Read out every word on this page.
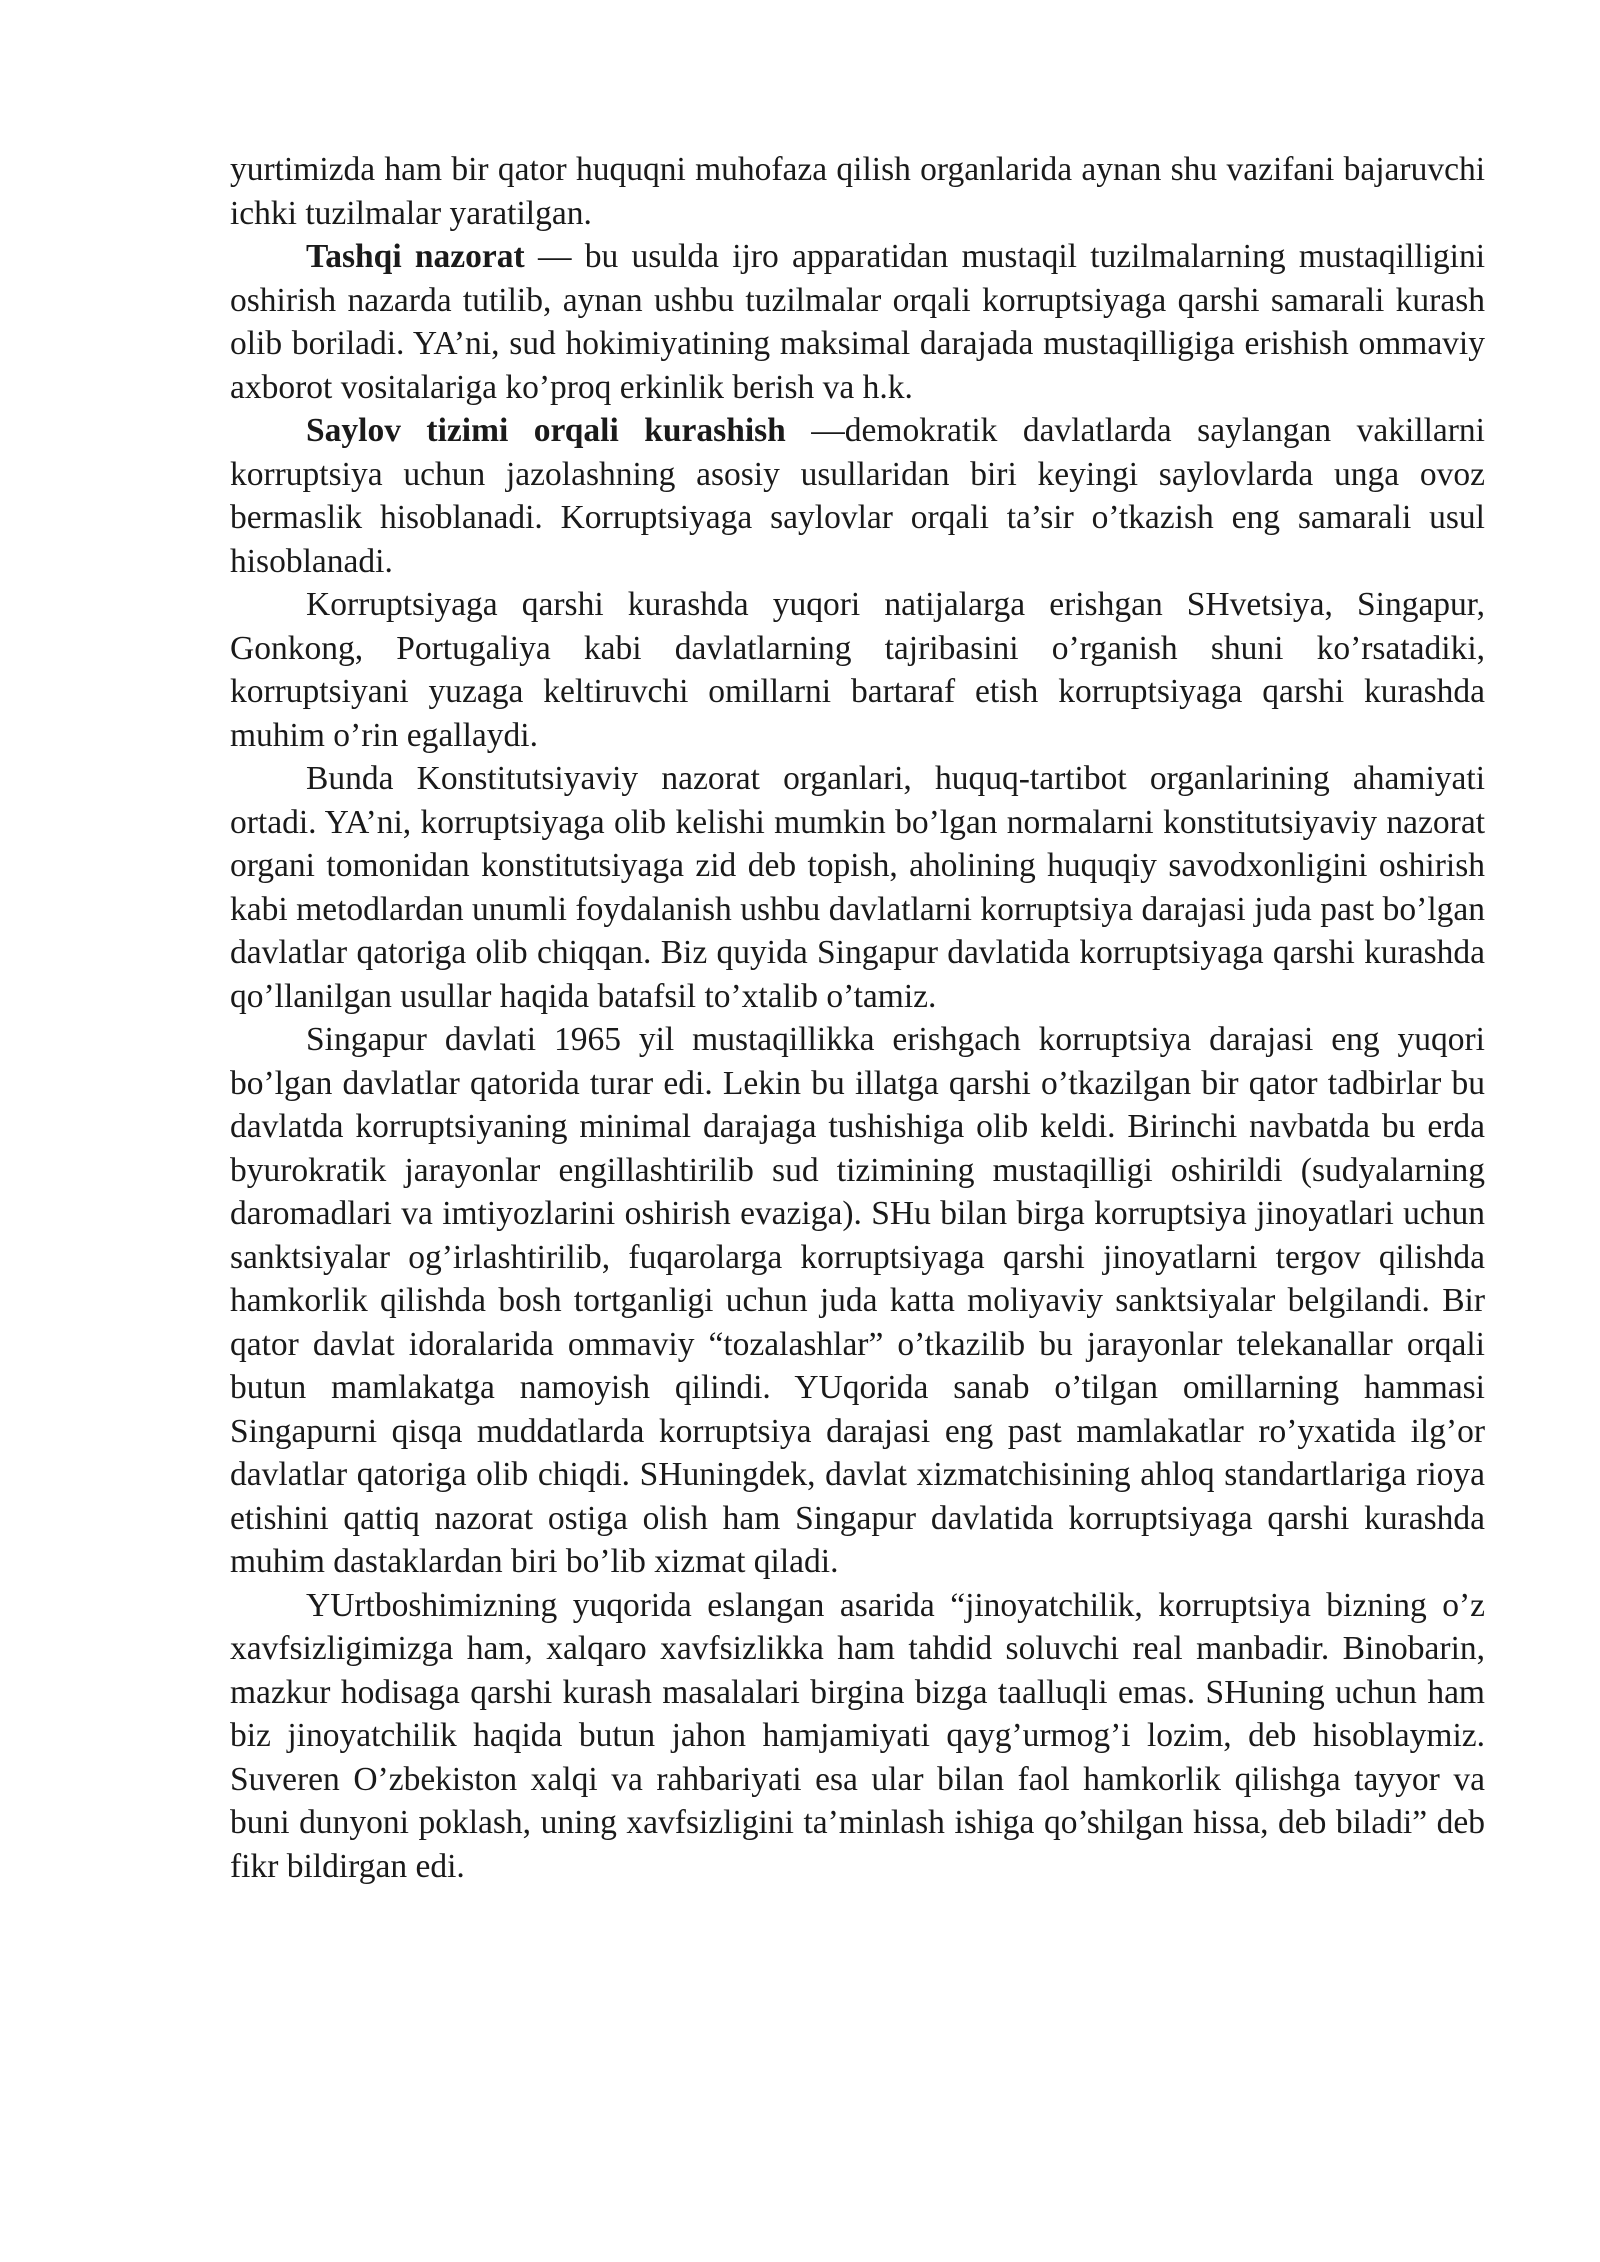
yurtimizda ham bir qator huquqni muhofaza qilish organlarida aynan shu vazifani bajaruvchi ichki tuzilmalar yaratilgan.

Tashqi nazorat — bu usulda ijro apparatidan mustaqil tuzilmalarning mustaqilligini oshirish nazarda tutilib, aynan ushbu tuzilmalar orqali korruptsiyaga qarshi samarali kurash olib boriladi. YA’ni, sud hokimiyatining maksimal darajada mustaqilligiga erishish ommaviy axborot vositalariga ko’proq erkinlik berish va h.k.

Saylov tizimi orqali kurashish —demokratik davlatlarda saylangan vakillarni korruptsiya uchun jazolashning asosiy usullaridan biri keyingi saylovlarda unga ovoz bermaslik hisoblanadi. Korruptsiyaga saylovlar orqali ta’sir o’tkazish eng samarali usul hisoblanadi.

Korruptsiyaga qarshi kurashda yuqori natijalarga erishgan SHvetsiya, Singapur, Gonkong, Portugaliya kabi davlatlarning tajribasini o’rganish shuni ko’rsatadiki, korruptsiyani yuzaga keltiruvchi omillarni bartaraf etish korruptsiyaga qarshi kurashda muhim o’rin egallaydi.

Bunda Konstitutsiyaviy nazorat organlari, huquq-tartibot organlarining ahamiyati ortadi. YA’ni, korruptsiyaga olib kelishi mumkin bo’lgan normalarni konstitutsiyaviy nazorat organi tomonidan konstitutsiyaga zid deb topish, aholining huquqiy savodxonligini oshirish kabi metodlardan unumli foydalanish ushbu davlatlarni korruptsiya darajasi juda past bo’lgan davlatlar qatoriga olib chiqqan. Biz quyida Singapur davlatida korruptsiyaga qarshi kurashda qo’llanilgan usullar haqida batafsil to’xtalib o’tamiz.

Singapur davlati 1965 yil mustaqillikka erishgach korruptsiya darajasi eng yuqori bo’lgan davlatlar qatorida turar edi. Lekin bu illatga qarshi o’tkazilgan bir qator tadbirlar bu davlatda korruptsiyaning minimal darajaga tushishiga olib keldi. Birinchi navbatda bu erda byurokratik jarayonlar engillashtirilib sud tizimining mustaqilligi oshirildi (sudyalarning daromadlari va imtiyozlarini oshirish evaziga). SHu bilan birga korruptsiya jinoyatlari uchun sanktsiyalar og’irlashtirilib, fuqarolarga korruptsiyaga qarshi jinoyatlarni tergov qilishda hamkorlik qilishda bosh tortganligi uchun juda katta moliyaviy sanktsiyalar belgilandi. Bir qator davlat idoralarida ommaviy “tozalashlar” o’tkazilib bu jarayonlar telekanallar orqali butun mamlakatga namoyish qilindi. YUqorida sanab o’tilgan omillarning hammasi Singapurni qisqa muddatlarda korruptsiya darajasi eng past mamlakatlar ro’yxatida ilg’or davlatlar qatoriga olib chiqdi. SHuningdek, davlat xizmatchisining ahloq standartlariga rioya etishini qattiq nazorat ostiga olish ham Singapur davlatida korruptsiyaga qarshi kurashda muhim dastaklardan biri bo’lib xizmat qiladi.

YUrtboshimizning yuqorida eslangan asarida “jinoyatchilik, korruptsiya bizning o’z xavfsizligimizga ham, xalqaro xavfsizlikka ham tahdid soluvchi real manbadir. Binobarin, mazkur hodisaga qarshi kurash masalalari birgina bizga taalluqli emas. SHuning uchun ham biz jinoyatchilik haqida butun jahon hamjamiyati qayg’urmog’i lozim, deb hisoblaymiz. Suveren O’zbekiston xalqi va rahbariyati esa ular bilan faol hamkorlik qilishga tayyor va buni dunyoni poklash, uning xavfsizligini ta’minlash ishiga qo’shilgan hissa, deb biladi” deb fikr bildirgan edi.
